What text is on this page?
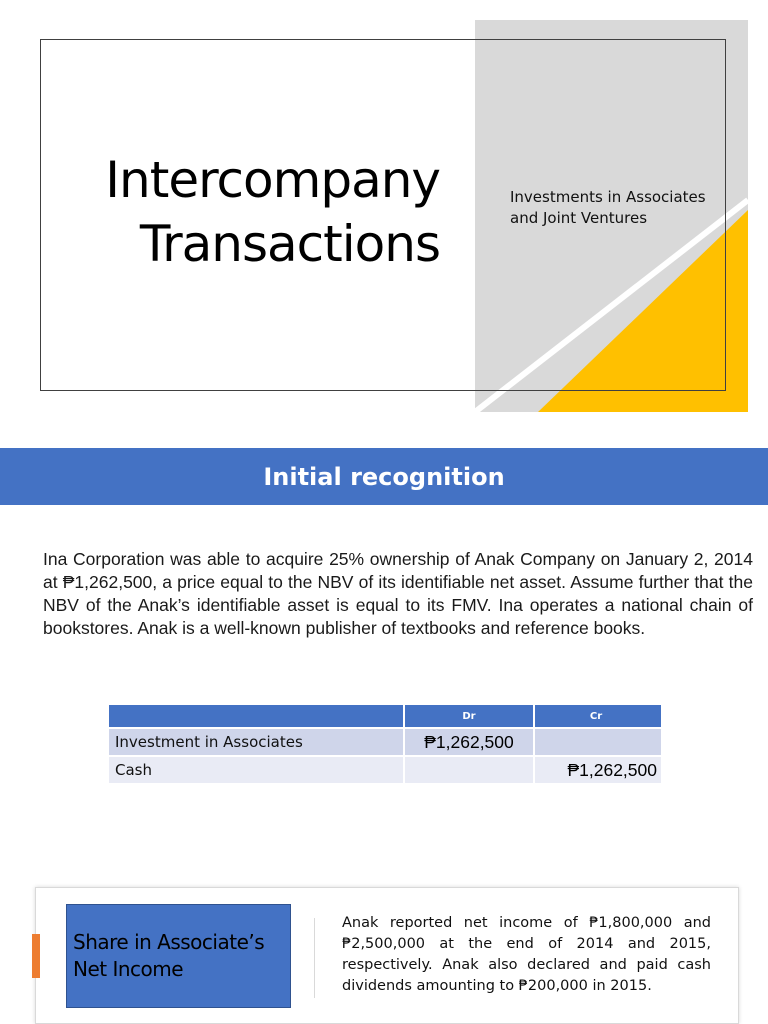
Intercompany
Transactions

Investments in Associates and Joint Ventures

Initial recognition

Ina Corporation was able to acquire 25% ownership of Anak Company on January 2, 2014 at ₱1,262,500, a price equal to the NBV of its identifiable net asset. Assume further that the NBV of the Anak’s identifiable asset is equal to its FMV. Ina operates a national chain of bookstores. Anak is a well-known publisher of textbooks and reference books.

	Dr	Cr
Investment in Associates	₱1,262,500	
Cash		₱1,262,500

Share in Associate’s Net Income

Anak reported net income of ₱1,800,000 and ₱2,500,000 at the end of 2014 and 2015, respectively. Anak also declared and paid cash dividends amounting to ₱200,000 in 2015.
